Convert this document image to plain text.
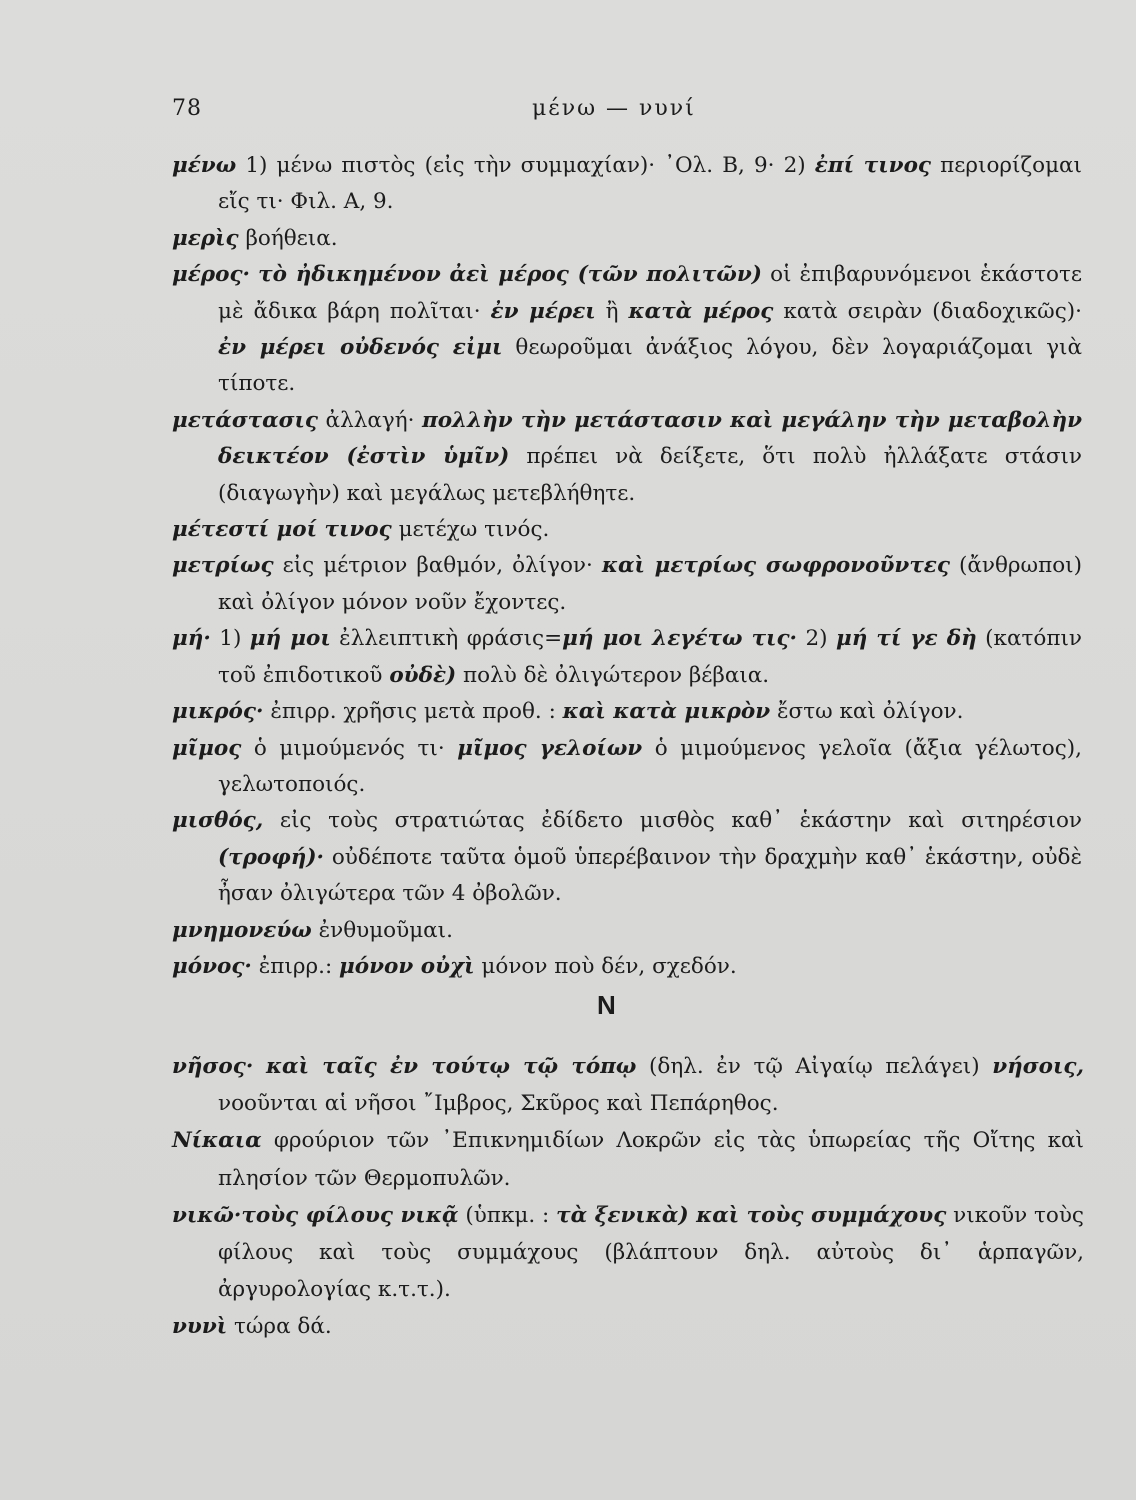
78	μένω — νυνί

μένω 1) μένω πιστὸς (εἰς τὴν συμμαχίαν)· ᾿Ολ. Β, 9· 2) ἐπί τινος περιορίζομαι εἴς τι· Φιλ. Α, 9.

μερὶς βοήθεια.

μέρος· τὸ ἠδικημένον ἀεὶ μέρος (τῶν πολιτῶν) οἱ ἐπιβαρυνόμενοι ἑκάστοτε μὲ ἄδικα βάρη πολῖται· ἐν μέρει ἢ κατὰ μέρος κατὰ σειρὰν (διαδοχικῶς)· ἐν μέρει οὐδενός εἰμι θεωροῦμαι ἀνάξιος λόγου, δὲν λογαριάζομαι γιὰ τίποτε.

μετάστασις ἀλλαγή· πολλὴν τὴν μετάστασιν καὶ μεγάλην τὴν μεταβολὴν δεικτέον (ἐστὶν ὑμῖν) πρέπει νὰ δείξετε, ὅτι πολὺ ἠλλάξατε στάσιν (διαγωγὴν) καὶ μεγάλως μετεβλήθητε.

μέτεστί μοί τινος μετέχω τινός.

μετρίως εἰς μέτριον βαθμόν, ὀλίγον· καὶ μετρίως σωφρονοῦντες (ἄνθρωποι) καὶ ὀλίγον μόνον νοῦν ἔχοντες.

μή· 1) μή μοι ἐλλειπτικὴ φράσις=μή μοι λεγέτω τις· 2) μή τί γε δὴ (κατόπιν τοῦ ἐπιδοτικοῦ οὐδὲ) πολὺ δὲ ὀλιγώτερον βέβαια.

μικρός· ἐπιρρ. χρῆσις μετὰ προθ. : καὶ κατὰ μικρὸν ἔστω καὶ ὀλίγον.

μῖμος ὁ μιμούμενός τι· μῖμος γελοίων ὁ μιμούμενος γελοῖα (ἄξια γέλωτος), γελωτοποιός.

μισθός, εἰς τοὺς στρατιώτας ἐδίδετο μισθὸς καθ᾿ ἑκάστην καὶ σιτηρέσιον (τροφή)· οὐδέποτε ταῦτα ὁμοῦ ὑπερέβαινον τὴν δραχμὴν καθ᾿ ἑκάστην, οὐδὲ ἦσαν ὀλιγώτερα τῶν 4 ὀβολῶν.

μνημονεύω ἐνθυμοῦμαι.

μόνος· ἐπιρρ.: μόνον οὐχὶ μόνον ποὺ δέν, σχεδόν.

Ν

νῆσος· καὶ ταῖς ἐν τούτῳ τῷ τόπῳ (δηλ. ἐν τῷ Αἰγαίῳ πελάγει) νήσοις, νοοῦνται αἱ νῆσοι ῎Ιμβρος, Σκῦρος καὶ Πεπάρηθος.

Νίκαια φρούριον τῶν ᾿Επικνημιδίων Λοκρῶν εἰς τὰς ὑπωρείας τῆς Οἴτης καὶ πλησίον τῶν Θερμοπυλῶν.

νικῶ·τοὺς φίλους νικᾷ (ὑπκμ. : τὰ ξενικὰ) καὶ τοὺς συμμάχους νικοῦν τοὺς φίλους καὶ τοὺς συμμάχους (βλάπτουν δηλ. αὐτοὺς δι᾿ ἁρπαγῶν, ἀργυρολογίας κ.τ.τ.).

νυνὶ τώρα δά.
